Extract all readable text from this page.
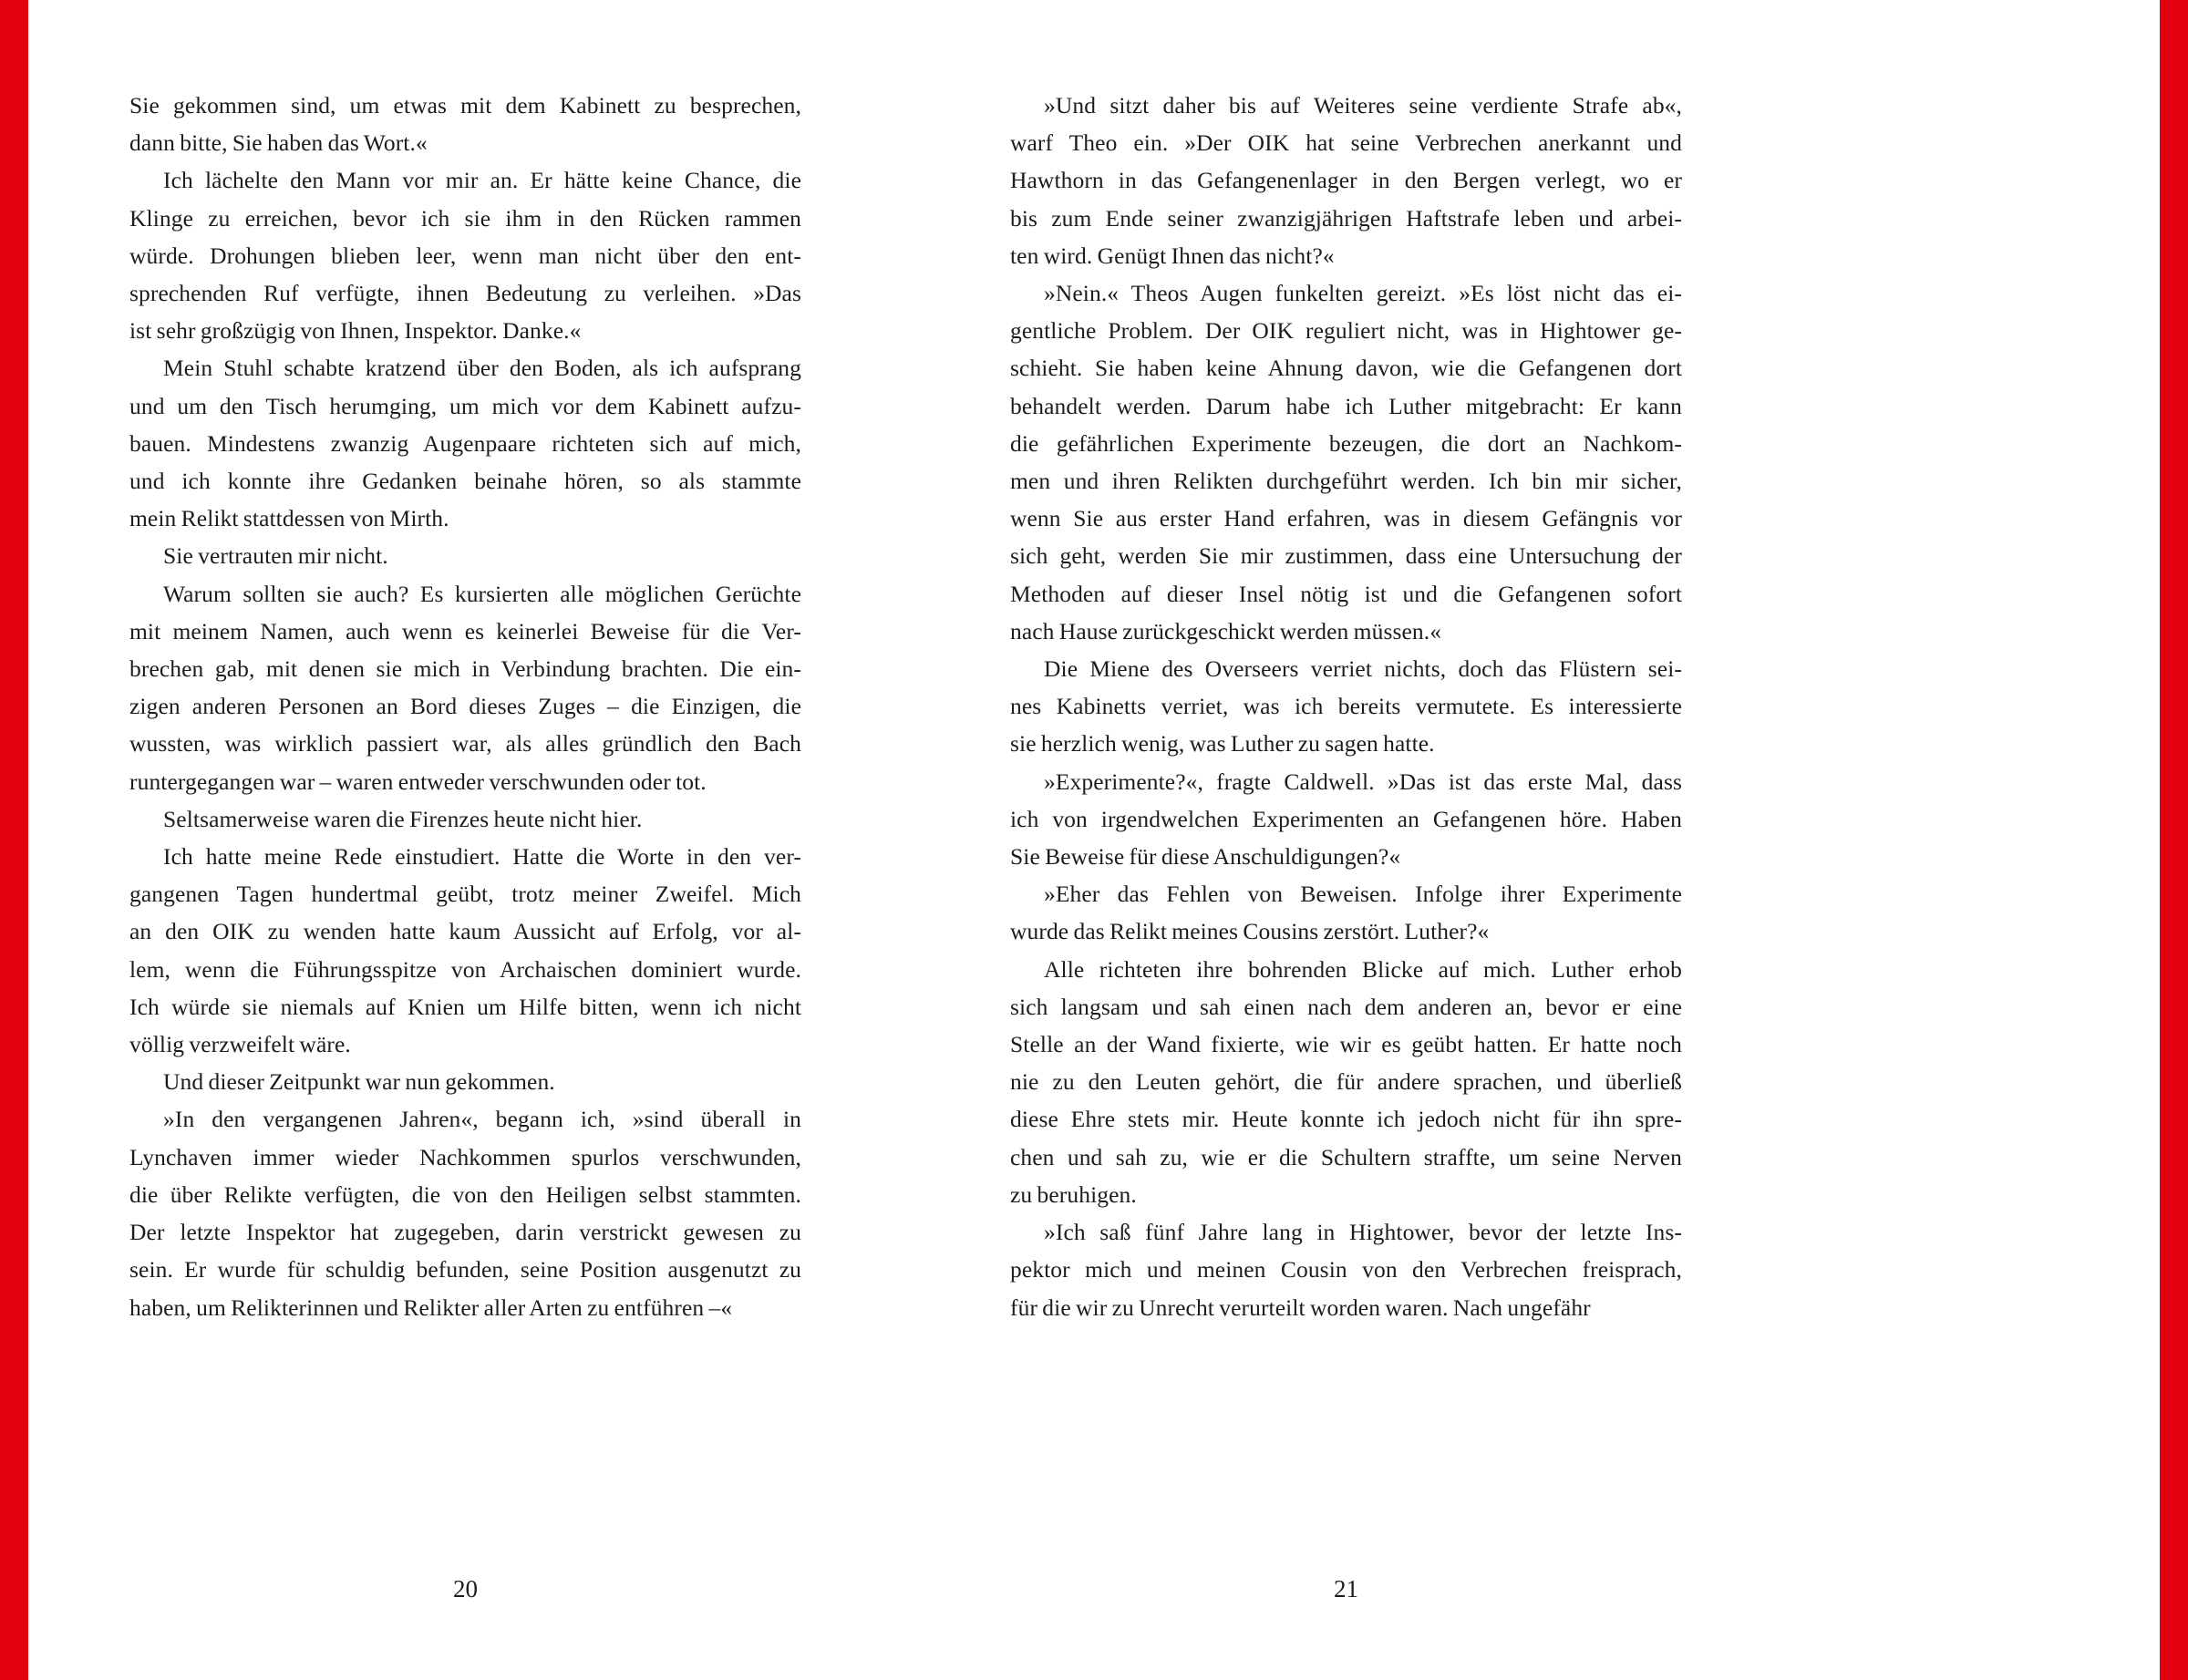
Sie gekommen sind, um etwas mit dem Kabinett zu besprechen,
dann bitte, Sie haben das Wort.«
Ich lächelte den Mann vor mir an. Er hätte keine Chance, die
Klinge zu erreichen, bevor ich sie ihm in den Rücken rammen
würde. Drohungen blieben leer, wenn man nicht über den ent-
sprechenden Ruf verfügte, ihnen Bedeutung zu verleihen. »Das
ist sehr großzügig von Ihnen, Inspektor. Danke.«
Mein Stuhl schabte kratzend über den Boden, als ich aufsprang
und um den Tisch herumging, um mich vor dem Kabinett aufzu-
bauen. Mindestens zwanzig Augenpaare richteten sich auf mich,
und ich konnte ihre Gedanken beinahe hören, so als stammte
mein Relikt stattdessen von Mirth.
Sie vertrauten mir nicht.
Warum sollten sie auch? Es kursierten alle möglichen Gerüchte
mit meinem Namen, auch wenn es keinerlei Beweise für die Ver-
brechen gab, mit denen sie mich in Verbindung brachten. Die ein-
zigen anderen Personen an Bord dieses Zuges – die Einzigen, die
wussten, was wirklich passiert war, als alles gründlich den Bach
runtergegangen war – waren entweder verschwunden oder tot.
Seltsamerweise waren die Firenzes heute nicht hier.
Ich hatte meine Rede einstudiert. Hatte die Worte in den ver-
gangenen Tagen hundertmal geübt, trotz meiner Zweifel. Mich
an den OIK zu wenden hatte kaum Aussicht auf Erfolg, vor al-
lem, wenn die Führungsspitze von Archaischen dominiert wurde.
Ich würde sie niemals auf Knien um Hilfe bitten, wenn ich nicht
völlig verzweifelt wäre.
Und dieser Zeitpunkt war nun gekommen.
»In den vergangenen Jahren«, begann ich, »sind überall in
Lynchaven immer wieder Nachkommen spurlos verschwunden,
die über Relikte verfügten, die von den Heiligen selbst stammten.
Der letzte Inspektor hat zugegeben, darin verstrickt gewesen zu
sein. Er wurde für schuldig befunden, seine Position ausgenutzt zu
haben, um Relikterinnen und Relikter aller Arten zu entführen –«
20
»Und sitzt daher bis auf Weiteres seine verdiente Strafe ab«,
warf Theo ein. »Der OIK hat seine Verbrechen anerkannt und
Hawthorn in das Gefangenenlager in den Bergen verlegt, wo er
bis zum Ende seiner zwanzigjährigen Haftstrafe leben und arbei-
ten wird. Genügt Ihnen das nicht?«
»Nein.« Theos Augen funkelten gereizt. »Es löst nicht das ei-
gentliche Problem. Der OIK reguliert nicht, was in Hightower ge-
schieht. Sie haben keine Ahnung davon, wie die Gefangenen dort
behandelt werden. Darum habe ich Luther mitgebracht: Er kann
die gefährlichen Experimente bezeugen, die dort an Nachkom-
men und ihren Relikten durchgeführt werden. Ich bin mir sicher,
wenn Sie aus erster Hand erfahren, was in diesem Gefängnis vor
sich geht, werden Sie mir zustimmen, dass eine Untersuchung der
Methoden auf dieser Insel nötig ist und die Gefangenen sofort
nach Hause zurückgeschickt werden müssen.«
Die Miene des Overseers verriet nichts, doch das Flüstern sei-
nes Kabinetts verriet, was ich bereits vermutete. Es interessierte
sie herzlich wenig, was Luther zu sagen hatte.
»Experimente?«, fragte Caldwell. »Das ist das erste Mal, dass
ich von irgendwelchen Experimenten an Gefangenen höre. Haben
Sie Beweise für diese Anschuldigungen?«
»Eher das Fehlen von Beweisen. Infolge ihrer Experimente
wurde das Relikt meines Cousins zerstört. Luther?«
Alle richteten ihre bohrenden Blicke auf mich. Luther erhob
sich langsam und sah einen nach dem anderen an, bevor er eine
Stelle an der Wand fixierte, wie wir es geübt hatten. Er hatte noch
nie zu den Leuten gehört, die für andere sprachen, und überließ
diese Ehre stets mir. Heute konnte ich jedoch nicht für ihn spre-
chen und sah zu, wie er die Schultern straffte, um seine Nerven
zu beruhigen.
»Ich saß fünf Jahre lang in Hightower, bevor der letzte Ins-
pektor mich und meinen Cousin von den Verbrechen freisprach,
für die wir zu Unrecht verurteilt worden waren. Nach ungefähr
21
